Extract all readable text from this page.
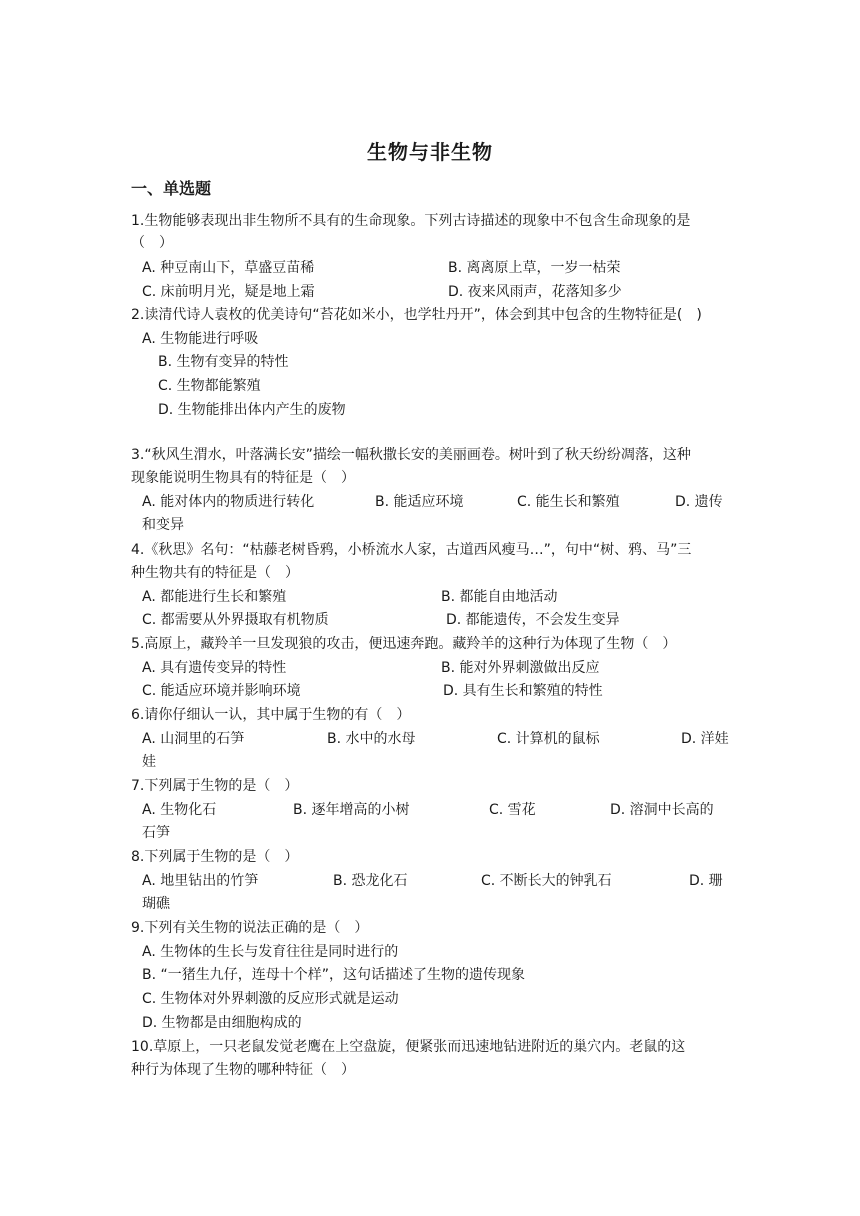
生物与非生物
一、单选题
1.生物能够表现出非生物所不具有的生命现象。下列古诗描述的现象中不包含生命现象的是
（　）
A. 种豆南山下，草盛豆苗稀	B. 离离原上草，一岁一枯荣
C. 床前明月光，疑是地上霜	D. 夜来风雨声，花落知多少
2.读清代诗人袁枚的优美诗句“苔花如米小，也学牡丹开”，体会到其中包含的生物特征是(　)
A. 生物能进行呼吸
B. 生物有变异的特性
C. 生物都能繁殖
D. 生物能排出体内产生的废物
3.“秋风生渭水，叶落满长安”描绘一幅秋撒长安的美丽画卷。树叶到了秋天纷纷凋落，这种
现象能说明生物具有的特征是（　）
A. 能对体内的物质进行转化	B. 能适应环境	C. 能生长和繁殖	D. 遗传
和变异
4.《秋思》名句：“枯藤老树昏鸦，小桥流水人家，古道西风瘦马…”，句中“树、鸦、马”三
种生物共有的特征是（　）
A. 都能进行生长和繁殖	B. 都能自由地活动
C. 都需要从外界摄取有机物质	D. 都能遗传，不会发生变异
5.高原上，藏羚羊一旦发现狼的攻击，便迅速奔跑。藏羚羊的这种行为体现了生物（　）
A. 具有遗传变异的特性	B. 能对外界刺激做出反应
C. 能适应环境并影响环境	D. 具有生长和繁殖的特性
6.请你仔细认一认，其中属于生物的有（　）
A. 山洞里的石笋	B. 水中的水母	C. 计算机的鼠标	D. 洋娃
娃
7.下列属于生物的是（　）
A. 生物化石	B. 逐年增高的小树	C. 雪花	D. 溶洞中长高的
石笋
8.下列属于生物的是（　）
A. 地里钻出的竹笋	B. 恐龙化石	C. 不断长大的钟乳石	D. 珊
瑚礁
9.下列有关生物的说法正确的是（　）
A. 生物体的生长与发育往往是同时进行的
B. “一猪生九仔，连母十个样”，这句话描述了生物的遗传现象
C. 生物体对外界刺激的反应形式就是运动
D. 生物都是由细胞构成的
10.草原上，一只老鼠发觉老鹰在上空盘旋，便紧张而迅速地钻进附近的巢穴内。老鼠的这
种行为体现了生物的哪种特征（　）
